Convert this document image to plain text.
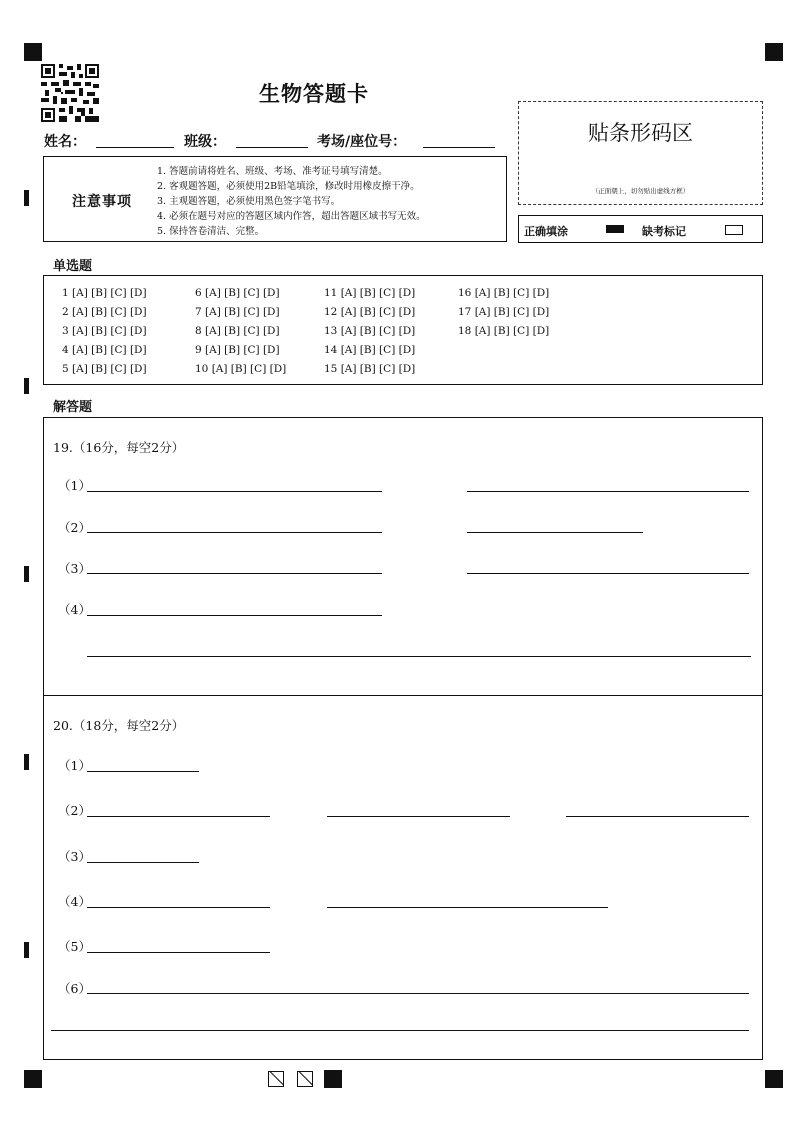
生物答题卡
姓名：	班级：	考场/座位号：
注意事项
1. 答题前请将姓名、班级、考场、准考证号填写清楚。
2. 客观题答题，必须使用2B铅笔填涂，修改时用橡皮擦干净。
3. 主观题答题，必须使用黑色签字笔书写。
4. 必须在题号对应的答题区域内作答，超出答题区域书写无效。
5. 保持答卷清洁、完整。
贴条形码区
（正面朝上，切勿贴出虚线方框）
正确填涂	缺考标记
单选题
1 [A] [B] [C] [D]
2 [A] [B] [C] [D]
3 [A] [B] [C] [D]
4 [A] [B] [C] [D]
5 [A] [B] [C] [D]
6 [A] [B] [C] [D]
7 [A] [B] [C] [D]
8 [A] [B] [C] [D]
9 [A] [B] [C] [D]
10 [A] [B] [C] [D]
11 [A] [B] [C] [D]
12 [A] [B] [C] [D]
13 [A] [B] [C] [D]
14 [A] [B] [C] [D]
15 [A] [B] [C] [D]
16 [A] [B] [C] [D]
17 [A] [B] [C] [D]
18 [A] [B] [C] [D]
解答题
19.（16分，每空2分）
（1）
（2）
（3）
（4）
20.（18分，每空2分）
（1）
（2）
（3）
（4）
（5）
（6）
